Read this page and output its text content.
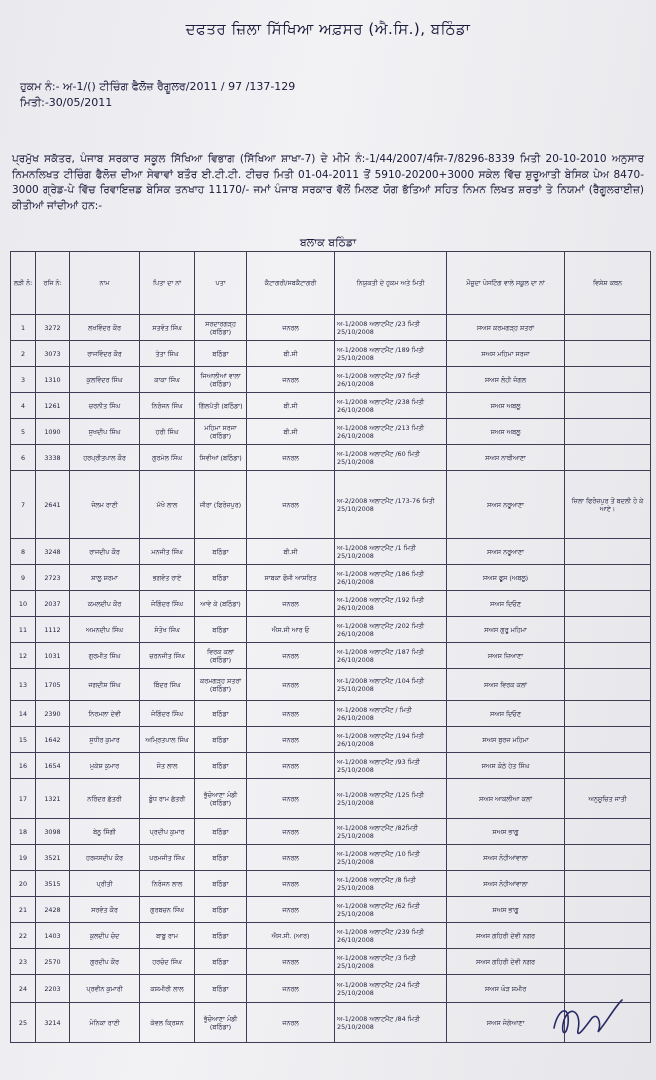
ਦਫਤਰ ਜ਼ਿਲਾ ਸਿੱਖਿਆ ਅਫ਼ਸਰ (ਐ.ਸਿ.), ਬਠਿੰਡਾ
ਹੁਕਮ ਨੰ:- ਅ-1/() ਟੀਚਿੰਗ ਫੈਲੋਜ਼ ਰੈਗੂਲਰ/2011 / 97 /137-129
ਮਿਤੀ:-30/05/2011
ਪ੍ਰਮੁੱਖ ਸਕੱਤਰ, ਪੰਜਾਬ ਸਰਕਾਰ ਸਕੂਲ ਸਿੱਖਿਆ ਵਿਭਾਗ (ਸਿੱਖਿਆ ਸ਼ਾਖਾ-7) ਦੇ ਮੀਮੋ ਨੰ:-1/44/2007/4ਸਿ-7/8296-8339 ਮਿਤੀ 20-10-2010 ਅਨੁਸਾਰ ਨਿਮਨਲਿਖਤ ਟੀਚਿੰਗ ਫੈਲੋਜ਼ ਦੀਆ ਸੇਵਾਵਾਂ ਬਤੌਰ ਈ.ਟੀ.ਟੀ. ਟੀਚਰ ਮਿਤੀ 01-04-2011 ਤੋਂ 5910-20200+3000 ਸਕੇਲ ਵਿੱਚ ਸ਼ੁਰੂਆਤੀ ਬੇਸਿਕ ਪੇਅ 8470-3000 ਗ੍ਰੇਡ-ਪੇ ਵਿੱਚ ਰਿਵਾਇਜ਼ਡ ਬੇਸਿਕ ਤਨਖਾਹ 11170/- ਜਮਾਂ ਪੰਜਾਬ ਸਰਕਾਰ ਵੱਲੋਂ ਮਿਲਣ ਯੋਗ ਭੱਤਿਆਂ ਸਹਿਤ ਨਿਮਨ ਲਿਖਤ ਸ਼ਰਤਾਂ ਤੇ ਨਿਯਮਾਂ (ਰੈਗੂਲਰਾਈਜ਼) ਕੀਤੀਆਂ ਜਾਂਦੀਆਂ ਹਨ:-
ਬਲਾਕ ਬਠਿੰਡਾ
ਲੜੀ ਨੰ:	ਰਜਿ ਨੰ:	ਨਾਮ	ਪਿਤਾ ਦਾ ਨਾਂ	ਪਤਾ	ਕੈਟਾਗਰੀ/ਸਬਕੈਟਾਗਰੀ	ਨਿਯੁਕਤੀ ਦੇ ਹੁਕਮ ਅਤੇ ਮਿਤੀ	ਮੌਜੂਦਾ ਪੋਸਟਿੰਗ ਵਾਲੇ ਸਕੂਲ ਦਾ ਨਾਂ	ਵਿਸ਼ੇਸ਼ ਕਥਨ
1	3272	ਲਖਵਿੰਦਰ ਕੌਰ	ਸਤਵੰਤ ਸਿੰਘ	ਸਰਦਾਰਗੜ੍ਹ (ਬਠਿੰਡਾ)	ਜਨਰਲ	ਅ-1/2008 ਅਲਾਟਮੈਂਟ /23 ਮਿਤੀ 25/10/2008	ਸਅਸ ਕਰਮਗੜ੍ਹ ਸ਼ਤਰਾਂ	
2	3073	ਰਾਜਵਿੰਦਰ ਕੌਰ	ਤੇਤਾ ਸਿੰਘ	ਬਠਿੰਡਾ	ਬੀ.ਸੀ	ਅ-1/2008 ਅਲਾਟਮੈਂਟ /189 ਮਿਤੀ 25/10/2008	ਸਅਸ ਮਹਿਮਾ ਸਰਜਾ	
3	1310	ਕੁਲਵਿੰਦਰ ਸਿੰਘ	ਕਾਕਾ ਸਿੰਘ	ਜਿਆਲੀਆਂ ਵਾਲਾ (ਬਠਿੰਡਾ)	ਜਨਰਲ	ਅ-1/2008 ਅਲਾਟਮੈਂਟ /97 ਮਿਤੀ 26/10/2008	ਸਅਸ ਲੋਹੀ ਜੰਗਲ	
4	1261	ਚਰਨੀਤ ਸਿੰਘ	ਨਿਰੰਜਨ ਸਿੰਘ	ਗਿੱਲਪੱਤੀ (ਬਠਿੰਡਾ)	ਬੀ.ਸੀ	ਅ-1/2008 ਅਲਾਟਮੈਂਟ /238 ਮਿਤੀ 26/10/2008	ਸਅਸ ਅਬਲੂ	
5	1090	ਸੁਖਦੀਪ ਸਿੰਘ	ਹਰੀ ਸਿੰਘ	ਮਹਿਮਾ ਸਰਜਾ (ਬਠਿੰਡਾ)	ਬੀ.ਸੀ	ਅ-1/2008 ਅਲਾਟਮੈਂਟ /213 ਮਿਤੀ 26/10/2008	ਸਅਸ ਅਬਲੂ	
6	3338	ਹਰਪ੍ਰੀਤਪਾਲ ਕੌਰ	ਗੁਰਮੇਲ ਸਿੰਘ	ਸਿਵੀਆਂ (ਬਠਿੰਡਾ)	ਜਨਰਲ	ਅ-1/2008 ਅਲਾਟਮੈਂਟ /60 ਮਿਤੀ 25/10/2008	ਸਅਸ ਨਾਥੀਆਣਾ	
7	2641	ਜੋਲਮ ਰਾਣੀ	ਮੱਖੋ ਲਾਲ	ਜੀਰਾ (ਫਿਰੋਜ਼ਪੁਰ)	ਜਨਰਲ	ਅ-2/2008 ਅਲਾਟਮੈਂਟ /173-76 ਮਿਤੀ 25/10/2008	ਸਅਸ ਨਰੂਆਣਾ	ਜ਼ਿਲਾ ਫਿਰੋਜ਼ਪੁਰ ਤੋਂ ਬਦਲੀ ਹੋ ਕੇ ਆਏ।
8	3248	ਰਾਜਦੀਪ ਕੌਰ	ਮਨਜੀਤ ਸਿੰਘ	ਬਠਿੰਡਾ	ਬੀ.ਸੀ	ਅ-1/2008 ਅਲਾਟਮੈਂਟ /1 ਮਿਤੀ 25/10/2008	ਸਅਸ ਨਰੂਆਣਾ	
9	2723	ਸ਼ਾਲੂ ਸ਼ਰਮਾ	ਭਗਵੰਤ ਰਾਏ	ਬਠਿੰਡਾ	ਸਾਬਕਾ ਫੌਜੀ ਆਸ਼ਰਿਤ	ਅ-1/2008 ਅਲਾਟਮੈਂਟ /186 ਮਿਤੀ 26/10/2008	ਸਅਸ ਫੂਸ (ਅਬਲੂ)	
10	2037	ਕਮਲਦੀਪ ਕੌਰ	ਜੋਗਿੰਦਰ ਸਿੰਘ	ਆਵੇ ਕੇ (ਬਠਿੰਡਾ)	ਜਨਰਲ	ਅ-1/2008 ਅਲਾਟਮੈਂਟ /192 ਮਿਤੀ 26/10/2008	ਸਅਸ ਦਿਓਣ	
11	1112	ਅਮਨਦੀਪ ਸਿੰਘ	ਸੰਤੋਖ ਸਿੰਘ	ਬਠਿੰਡਾ	ਐਸ.ਸੀ ਆਰ ਓ	ਅ-1/2008 ਅਲਾਟਮੈਂਟ /202 ਮਿਤੀ 26/10/2008	ਸਅਸ ਗੁਰੂ ਮਹਿਮਾ	
12	1031	ਗੁਰਮੀਤ ਸਿੰਘ	ਚਰਨਜੀਤ ਸਿੰਘ	ਵਿਰਕ ਕਲਾਂ (ਬਠਿੰਡਾ)	ਜਨਰਲ	ਅ-1/2008 ਅਲਾਟਮੈਂਟ /187 ਮਿਤੀ 26/10/2008	ਸਅਸ ਜ਼ਿਆਣਾ	
13	1705	ਜਗਦੀਸ਼ ਸਿੰਘ	ਬਿੰਦਰ ਸਿੰਘ	ਕਰਮਗੜ੍ਹ ਸ਼ਤਰਾਂ (ਬਠਿੰਡਾ)	ਜਨਰਲ	ਅ-1/2008 ਅਲਾਟਮੈਂਟ /104 ਮਿਤੀ 25/10/2008	ਸਅਸ ਵਿਰਕ ਕਲਾਂ	
14	2390	ਨਿਰਮਲਾ ਦੇਵੀ	ਜੋਗਿੰਦਰ ਸਿੰਘ	ਬਠਿੰਡਾ	ਜਨਰਲ	ਅ-1/2008 ਅਲਾਟਮੈਂਟ / ਮਿਤੀ 26/10/2008	ਸਅਸ ਦਿਓਣ	
15	1642	ਸੁਧੀਰ ਕੁਮਾਰ	ਅਮ੍ਰਿਤਪਾਲ ਸਿੰਘ	ਬਠਿੰਡਾ	ਜਨਰਲ	ਅ-1/2008 ਅਲਾਟਮੈਂਟ /194 ਮਿਤੀ 26/10/2008	ਸਅਸ ਬੁਰਜ ਮਹਿਮਾ	
16	1654	ਮੁਕੇਸ਼ ਕੁਮਾਰ	ਸੋਤ ਲਾਲ	ਬਠਿੰਡਾ	ਜਨਰਲ	ਅ-1/2008 ਅਲਾਟਮੈਂਟ /93 ਮਿਤੀ 25/10/2008	ਸਅਸ ਕੋਠੇ ਹੇਤ ਸਿੰਘ	
17	1321	ਨਰਿੰਦਰ ਛੱਤਰੀ	ਬੂੰਧ ਰਾਮ ਛੱਤਰੀ	ਭੁੱਚੋਆਣਾ ਮੰਡੀ (ਬਠਿੰਡਾ)	ਜਨਰਲ	ਅ-1/2008 ਅਲਾਟਮੈਂਟ /125 ਮਿਤੀ 25/10/2008	ਸਅਸ ਆਕਲੀਆ ਕਲਾਂ	ਅਨੁਸੂਚਿਤ ਜਾਤੀ
18	3098	ਬੇਨੂ ਸਿੰਗੀ	ਪ੍ਰਦੀਪ ਕੁਮਾਰ	ਬਠਿੰਡਾ	ਜਨਰਲ	ਅ-1/2008 ਅਲਾਟਮੈਂਟ /82ਮਿਤੀ 25/10/2008	ਸਅਸ ਭਾਗੂ	
19	3521	ਹਰਜਸਦੀਪ ਕੌਰ	ਪਰਮਜੀਤ ਸਿੰਘ	ਬਠਿੰਡਾ	ਜਨਰਲ	ਅ-1/2008 ਅਲਾਟਮੈਂਟ /10 ਮਿਤੀ 25/10/2008	ਸਅਸ ਨੋਹੀਆਂਵਾਲਾ	
20	3515	ਪ੍ਰੀਤੀ	ਨਿਰੰਜਨ ਲਾਲ	ਬਠਿੰਡਾ	ਜਨਰਲ	ਅ-1/2008 ਅਲਾਟਮੈਂਟ /8 ਮਿਤੀ 25/10/2008	ਸਅਸ ਨੋਹੀਆਂਵਾਲਾ	
21	2428	ਸਰਵੰਤ ਕੌਰ	ਗੁਰਬਚਨ ਸਿੰਘ	ਬਠਿੰਡਾ	ਜਨਰਲ	ਅ-1/2008 ਅਲਾਟਮੈਂਟ /62 ਮਿਤੀ 25/10/2008	ਸਅਸ ਭਾਗੂ	
22	1403	ਕੁਲਦੀਪ ਚੰਦ	ਬਾਬੂ ਰਾਮ	ਬਠਿੰਡਾ	ਐਸ.ਸੀ. (ਆਰ)	ਅ-1/2008 ਅਲਾਟਮੈਂਟ /239 ਮਿਤੀ 26/10/2008	ਸਅਸ ਗਹਿਰੀ ਦੇਵੀ ਨਗਰ	
23	2570	ਗੁਰਦੀਪ ਕੌਰ	ਹਰਚੰਦ ਸਿੰਘ	ਬਠਿੰਡਾ	ਜਨਰਲ	ਅ-1/2008 ਅਲਾਟਮੈਂਟ /3 ਮਿਤੀ 25/10/2008	ਸਅਸ ਗਹਿਰੀ ਦੇਵੀ ਨਗਰ	
24	2203	ਪ੍ਰਵੀਨ ਕੁਮਾਰੀ	ਕਸ਼ਮੀਰੀ ਲਾਲ	ਬਠਿੰਡਾ	ਜਨਰਲ	ਅ-1/2008 ਅਲਾਟਮੈਂਟ /24 ਮਿਤੀ 25/10/2008	ਸਅਸ ਘੋੜ ਸ਼ਮੀਰ	
25	3214	ਮੋਨਿਕਾ ਰਾਣੀ	ਕੇਵਲ ਕ੍ਰਿਸ਼ਨ	ਭੁੱਚੋਆਣਾ ਮੰਡੀ (ਬਠਿੰਡਾ)	ਜਨਰਲ	ਅ-1/2008 ਅਲਾਟਮੈਂਟ /84 ਮਿਤੀ 25/10/2008	ਸਅਸ ਜੋਗੇਆਣਾ	
